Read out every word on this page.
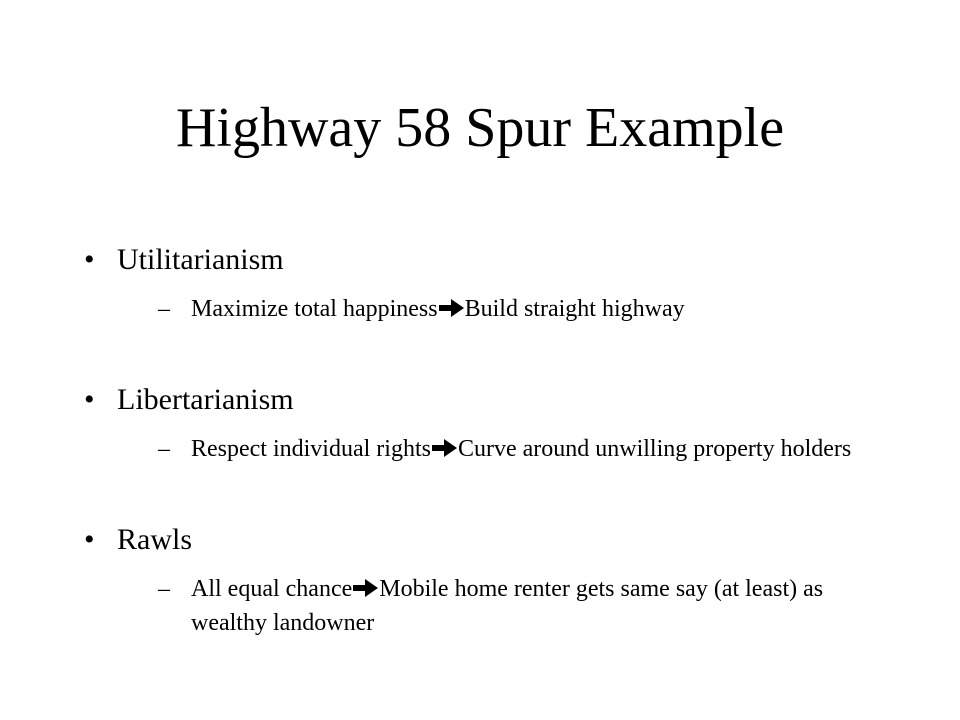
Highway 58 Spur Example
• Utilitarianism
– Maximize total happiness Build straight highway
• Libertarianism
– Respect individual rights Curve around unwilling property holders
• Rawls
– All equal chance Mobile home renter gets same say (at least) as wealthy landowner
